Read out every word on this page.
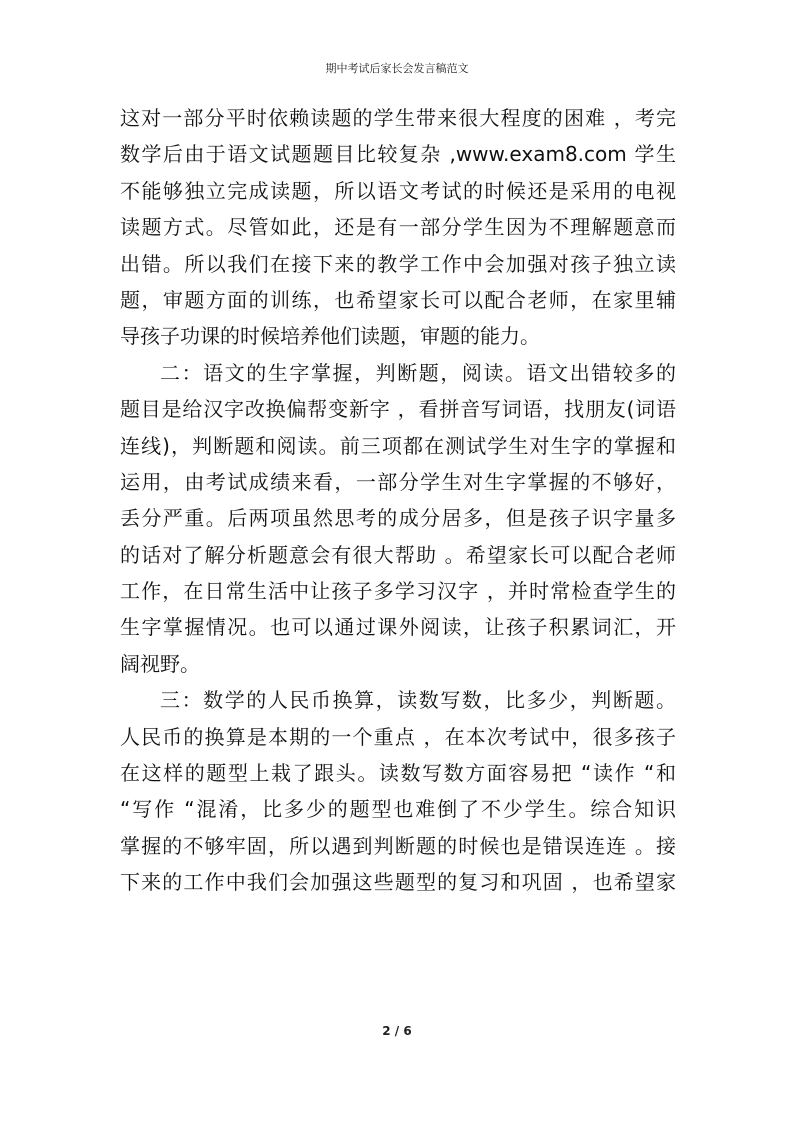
期中考试后家长会发言稿范文
这对一部分平时依赖读题的学生带来很大程度的困难 ，考完
数学后由于语文试题题目比较复杂 ,www.exam8.com 学生
不能够独立完成读题，所以语文考试的时候还是采用的电视
读题方式。尽管如此，还是有一部分学生因为不理解题意而
出错。所以我们在接下来的教学工作中会加强对孩子独立读
题，审题方面的训练，也希望家长可以配合老师，在家里辅
导孩子功课的时候培养他们读题，审题的能力。
二：语文的生字掌握，判断题，阅读。语文出错较多的
题目是给汉字改换偏帮变新字 ，看拼音写词语，找朋友(词语
连线)，判断题和阅读。前三项都在测试学生对生字的掌握和
运用，由考试成绩来看，一部分学生对生字掌握的不够好，
丢分严重。后两项虽然思考的成分居多，但是孩子识字量多
的话对了解分析题意会有很大帮助 。希望家长可以配合老师
工作，在日常生活中让孩子多学习汉字 ，并时常检查学生的
生字掌握情况。也可以通过课外阅读，让孩子积累词汇，开
阔视野。
三：数学的人民币换算，读数写数，比多少，判断题。
人民币的换算是本期的一个重点 ，在本次考试中，很多孩子
在这样的题型上栽了跟头。读数写数方面容易把 “读作 “和
“写作 “混淆，比多少的题型也难倒了不少学生。综合知识
掌握的不够牢固，所以遇到判断题的时候也是错误连连 。接
下来的工作中我们会加强这些题型的复习和巩固 ，也希望家
2 / 6
